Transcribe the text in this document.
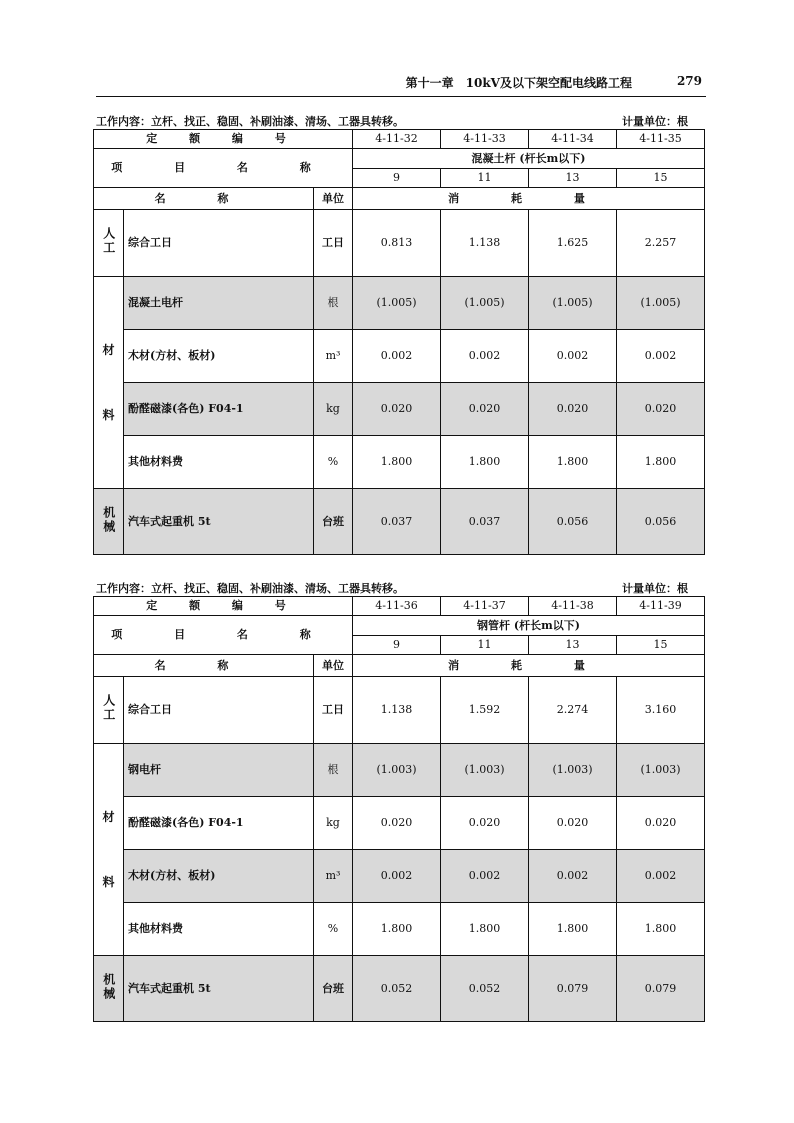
第十一章　10kV及以下架空配电线路工程	279
工作内容：立杆、找正、稳固、补刷油漆、清场、工器具转移。	计量单位：根
定 额 编 号			4-11-32	4-11-33	4-11-34	4-11-35
项 目 名 称			混凝土杆 (杆长m以下)			
			9	11	13	15
名 称		单位	消 耗 量			
人工	综合工日	工日	0.813	1.138	1.625	2.257

材
料	混凝土电杆	根	(1.005)	(1.005)	(1.005)	(1.005)
	木材(方材、板材)	m³	0.002	0.002	0.002	0.002
	酚醛磁漆(各色) F04-1	kg	0.020	0.020	0.020	0.020
	其他材料费	%	1.800	1.800	1.800	1.800
机械	汽车式起重机 5t	台班	0.037	0.037	0.056	0.056
工作内容：立杆、找正、稳固、补刷油漆、清场、工器具转移。	计量单位：根
定 额 编 号			4-11-36	4-11-37	4-11-38	4-11-39
项 目 名 称			钢管杆 (杆长m以下)			
			9	11	13	15
名 称		单位	消 耗 量			
人工	综合工日	工日	1.138	1.592	2.274	3.160

材
料	钢电杆	根	(1.003)	(1.003)	(1.003)	(1.003)
	酚醛磁漆(各色) F04-1	kg	0.020	0.020	0.020	0.020
	木材(方材、板材)	m³	0.002	0.002	0.002	0.002
	其他材料费	%	1.800	1.800	1.800	1.800
机械	汽车式起重机 5t	台班	0.052	0.052	0.079	0.079
